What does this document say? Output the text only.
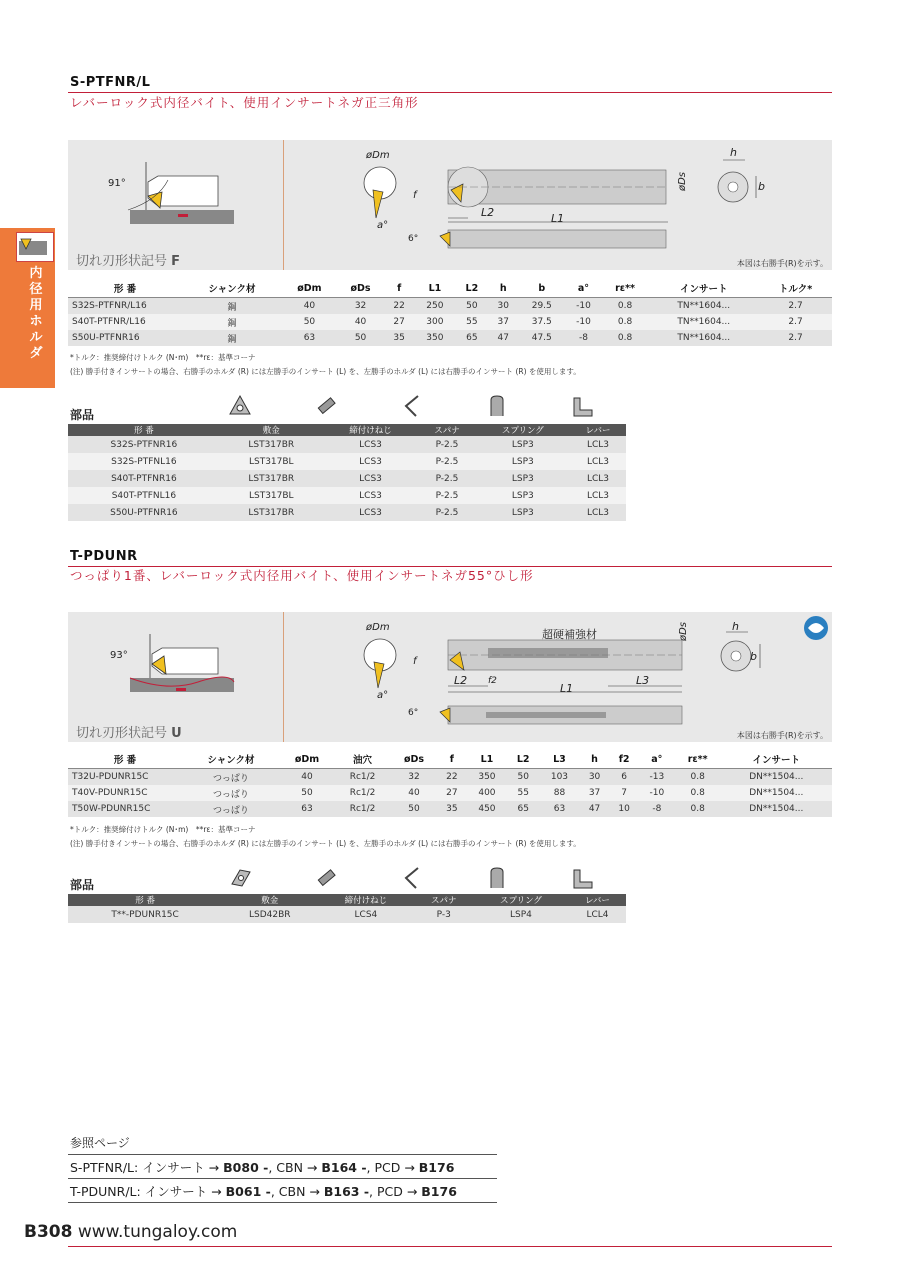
内径用ホルダ
S-PTFNR/L
レバーロック式内径バイト、使用インサートネガ正三角形
91°
øDm
øDs
f
L2	L1
a°
6°
h
b
切れ刃形状記号 F	本図は右勝手(R)を示す。
形 番	シャンク材	øDm	øDs	f	L1	L2	h	b	a°	rε**	インサート	トルク*
S32S-PTFNR/L16	鋼	40	32	22	250	50	30	29.5	-10	0.8	TN**1604...	2.7
S40T-PTFNR/L16	鋼	50	40	27	300	55	37	37.5	-10	0.8	TN**1604...	2.7
S50U-PTFNR16	鋼	63	50	35	350	65	47	47.5	-8	0.8	TN**1604...	2.7
*トルク：推奨締付けトルク (N･m)　**rε：基準コーナ
(注) 勝手付きインサートの場合、右勝手のホルダ (R) には左勝手のインサート (L) を、左勝手のホルダ (L) には右勝手のインサート (R) を使用します。
部品
形 番	敷金	締付けねじ	スパナ	スプリング	レバー
S32S-PTFNR16	LST317BR	LCS3	P-2.5	LSP3	LCL3
S32S-PTFNL16	LST317BL	LCS3	P-2.5	LSP3	LCL3
S40T-PTFNR16	LST317BR	LCS3	P-2.5	LSP3	LCL3
S40T-PTFNL16	LST317BL	LCS3	P-2.5	LSP3	LCL3
S50U-PTFNR16	LST317BR	LCS3	P-2.5	LSP3	LCL3
T-PDUNR
つっぱり1番、レバーロック式内径用バイト、使用インサートネガ55°ひし形
93°
øDm	øDs
f
f2
L2
L1
L3
a°
6°
h
b
超硬補強材
切れ刃形状記号 U	本図は右勝手(R)を示す。
形 番	シャンク材	øDm	油穴	øDs	f	L1	L2	L3	h	f2	a°	rε**	インサート
T32U-PDUNR15C	つっぱり	40	Rc1/2	32	22	350	50	103	30	6	-13	0.8	DN**1504...
T40V-PDUNR15C	つっぱり	50	Rc1/2	40	27	400	55	88	37	7	-10	0.8	DN**1504...
T50W-PDUNR15C	つっぱり	63	Rc1/2	50	35	450	65	63	47	10	-8	0.8	DN**1504...
*トルク：推奨締付けトルク (N･m)　**rε：基準コーナ
(注) 勝手付きインサートの場合、右勝手のホルダ (R) には左勝手のインサート (L) を、左勝手のホルダ (L) には右勝手のインサート (R) を使用します。
部品
形 番	敷金	締付けねじ	スパナ	スプリング	レバー
T**-PDUNR15C	LSD42BR	LCS4	P-3	LSP4	LCL4
参照ページ
S-PTFNR/L: インサート → B080 -, CBN → B164 -, PCD → B176
T-PDUNR/L: インサート → B061 -, CBN → B163 -, PCD → B176
B308 www.tungaloy.com
